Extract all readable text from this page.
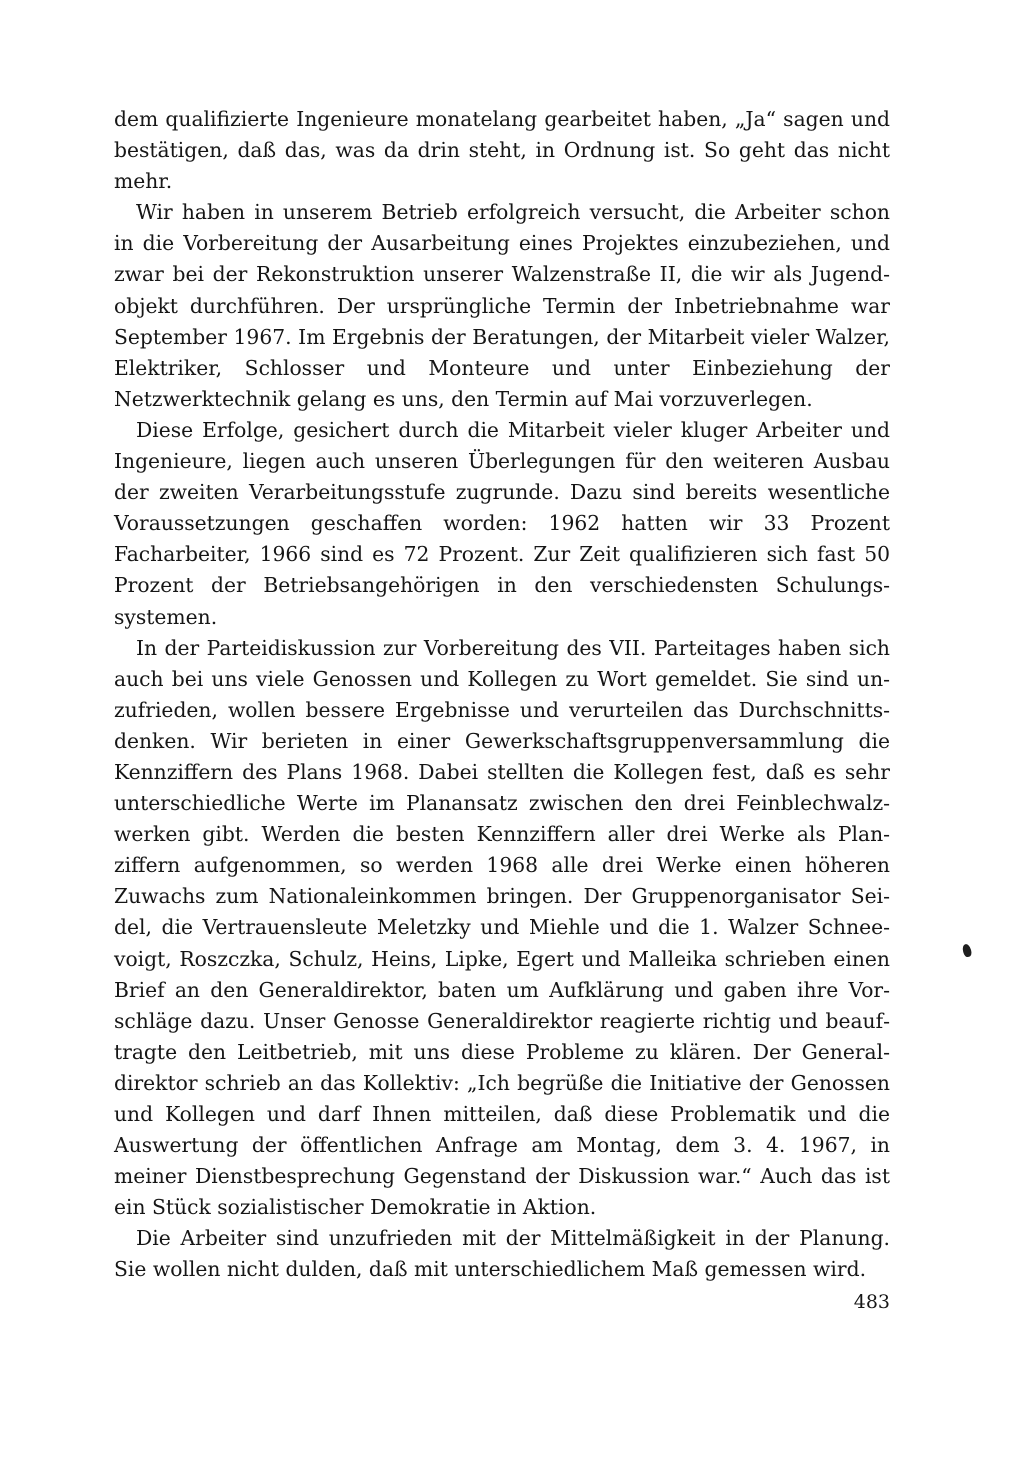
dem qualifizierte Ingenieure monatelang gearbeitet haben, „Ja“ sagen und bestätigen, daß das, was da drin steht, in Ordnung ist. So geht das nicht mehr.

Wir haben in unserem Betrieb erfolgreich versucht, die Arbeiter schon in die Vorbereitung der Ausarbeitung eines Projektes einzubeziehen, und zwar bei der Rekonstruktion unserer Walzenstraße II, die wir als Jugendobjekt durchführen. Der ursprüngliche Termin der Inbetriebnahme war September 1967. Im Ergebnis der Beratungen, der Mitarbeit vieler Walzer, Elektriker, Schlosser und Monteure und unter Einbeziehung der Netzwerktechnik gelang es uns, den Termin auf Mai vorzuverlegen.

Diese Erfolge, gesichert durch die Mitarbeit vieler kluger Arbeiter und Ingenieure, liegen auch unseren Überlegungen für den weiteren Ausbau der zweiten Verarbeitungsstufe zugrunde. Dazu sind bereits wesentliche Voraussetzungen geschaffen worden: 1962 hatten wir 33 Prozent Facharbeiter, 1966 sind es 72 Prozent. Zur Zeit qualifizieren sich fast 50 Prozent der Betriebsangehörigen in den verschiedensten Schulungssystemen.

In der Parteidiskussion zur Vorbereitung des VII. Parteitages haben sich auch bei uns viele Genossen und Kollegen zu Wort gemeldet. Sie sind unzufrieden, wollen bessere Ergebnisse und verurteilen das Durchschnittsdenken. Wir berieten in einer Gewerkschaftsgruppenversammlung die Kennziffern des Plans 1968. Dabei stellten die Kollegen fest, daß es sehr unterschiedliche Werte im Planansatz zwischen den drei Feinblechwalzwerken gibt. Werden die besten Kennziffern aller drei Werke als Planziffern aufgenommen, so werden 1968 alle drei Werke einen höheren Zuwachs zum Nationaleinkommen bringen. Der Gruppenorganisator Seidel, die Vertrauensleute Meletzky und Miehle und die 1. Walzer Schneevoigt, Roszczka, Schulz, Heins, Lipke, Egert und Malleika schrieben einen Brief an den Generaldirektor, baten um Aufklärung und gaben ihre Vorschläge dazu. Unser Genosse Generaldirektor reagierte richtig und beauftragte den Leitbetrieb, mit uns diese Probleme zu klären. Der Generaldirektor schrieb an das Kollektiv: „Ich begrüße die Initiative der Genossen und Kollegen und darf Ihnen mitteilen, daß diese Problematik und die Auswertung der öffentlichen Anfrage am Montag, dem 3. 4. 1967, in meiner Dienstbesprechung Gegenstand der Diskussion war.“ Auch das ist ein Stück sozialistischer Demokratie in Aktion.

Die Arbeiter sind unzufrieden mit der Mittelmäßigkeit in der Planung. Sie wollen nicht dulden, daß mit unterschiedlichem Maß gemessen wird.

483
